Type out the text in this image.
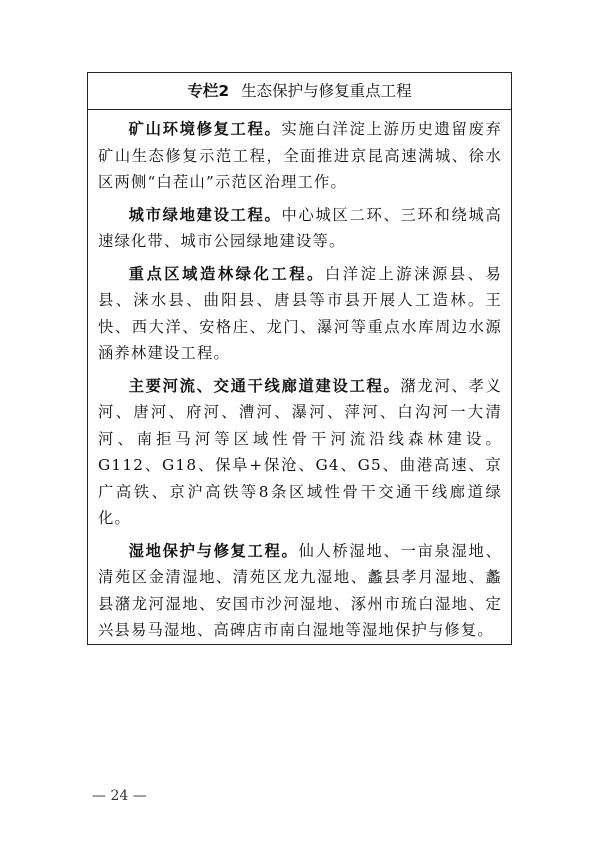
专栏2 生态保护与修复重点工程

矿山环境修复工程。实施白洋淀上游历史遗留废弃矿山生态修复示范工程，全面推进京昆高速满城、徐水区两侧“白茬山”示范区治理工作。

城市绿地建设工程。中心城区二环、三环和绕城高速绿化带、城市公园绿地建设等。

重点区域造林绿化工程。白洋淀上游涞源县、易县、涞水县、曲阳县、唐县等市县开展人工造林。王快、西大洋、安格庄、龙门、瀑河等重点水库周边水源涵养林建设工程。

主要河流、交通干线廊道建设工程。潴龙河、孝义河、唐河、府河、漕河、瀑河、萍河、白沟河一大清河、南拒马河等区域性骨干河流沿线森林建设。G112、G18、保阜+保沧、G4、G5、曲港高速、京广高铁、京沪高铁等8条区域性骨干交通干线廊道绿化。

湿地保护与修复工程。仙人桥湿地、一亩泉湿地、清苑区金清湿地、清苑区龙九湿地、蠡县孝月湿地、蠡县潴龙河湿地、安国市沙河湿地、涿州市琉白湿地、定兴县易马湿地、高碑店市南白湿地等湿地保护与修复。

— 24 —
